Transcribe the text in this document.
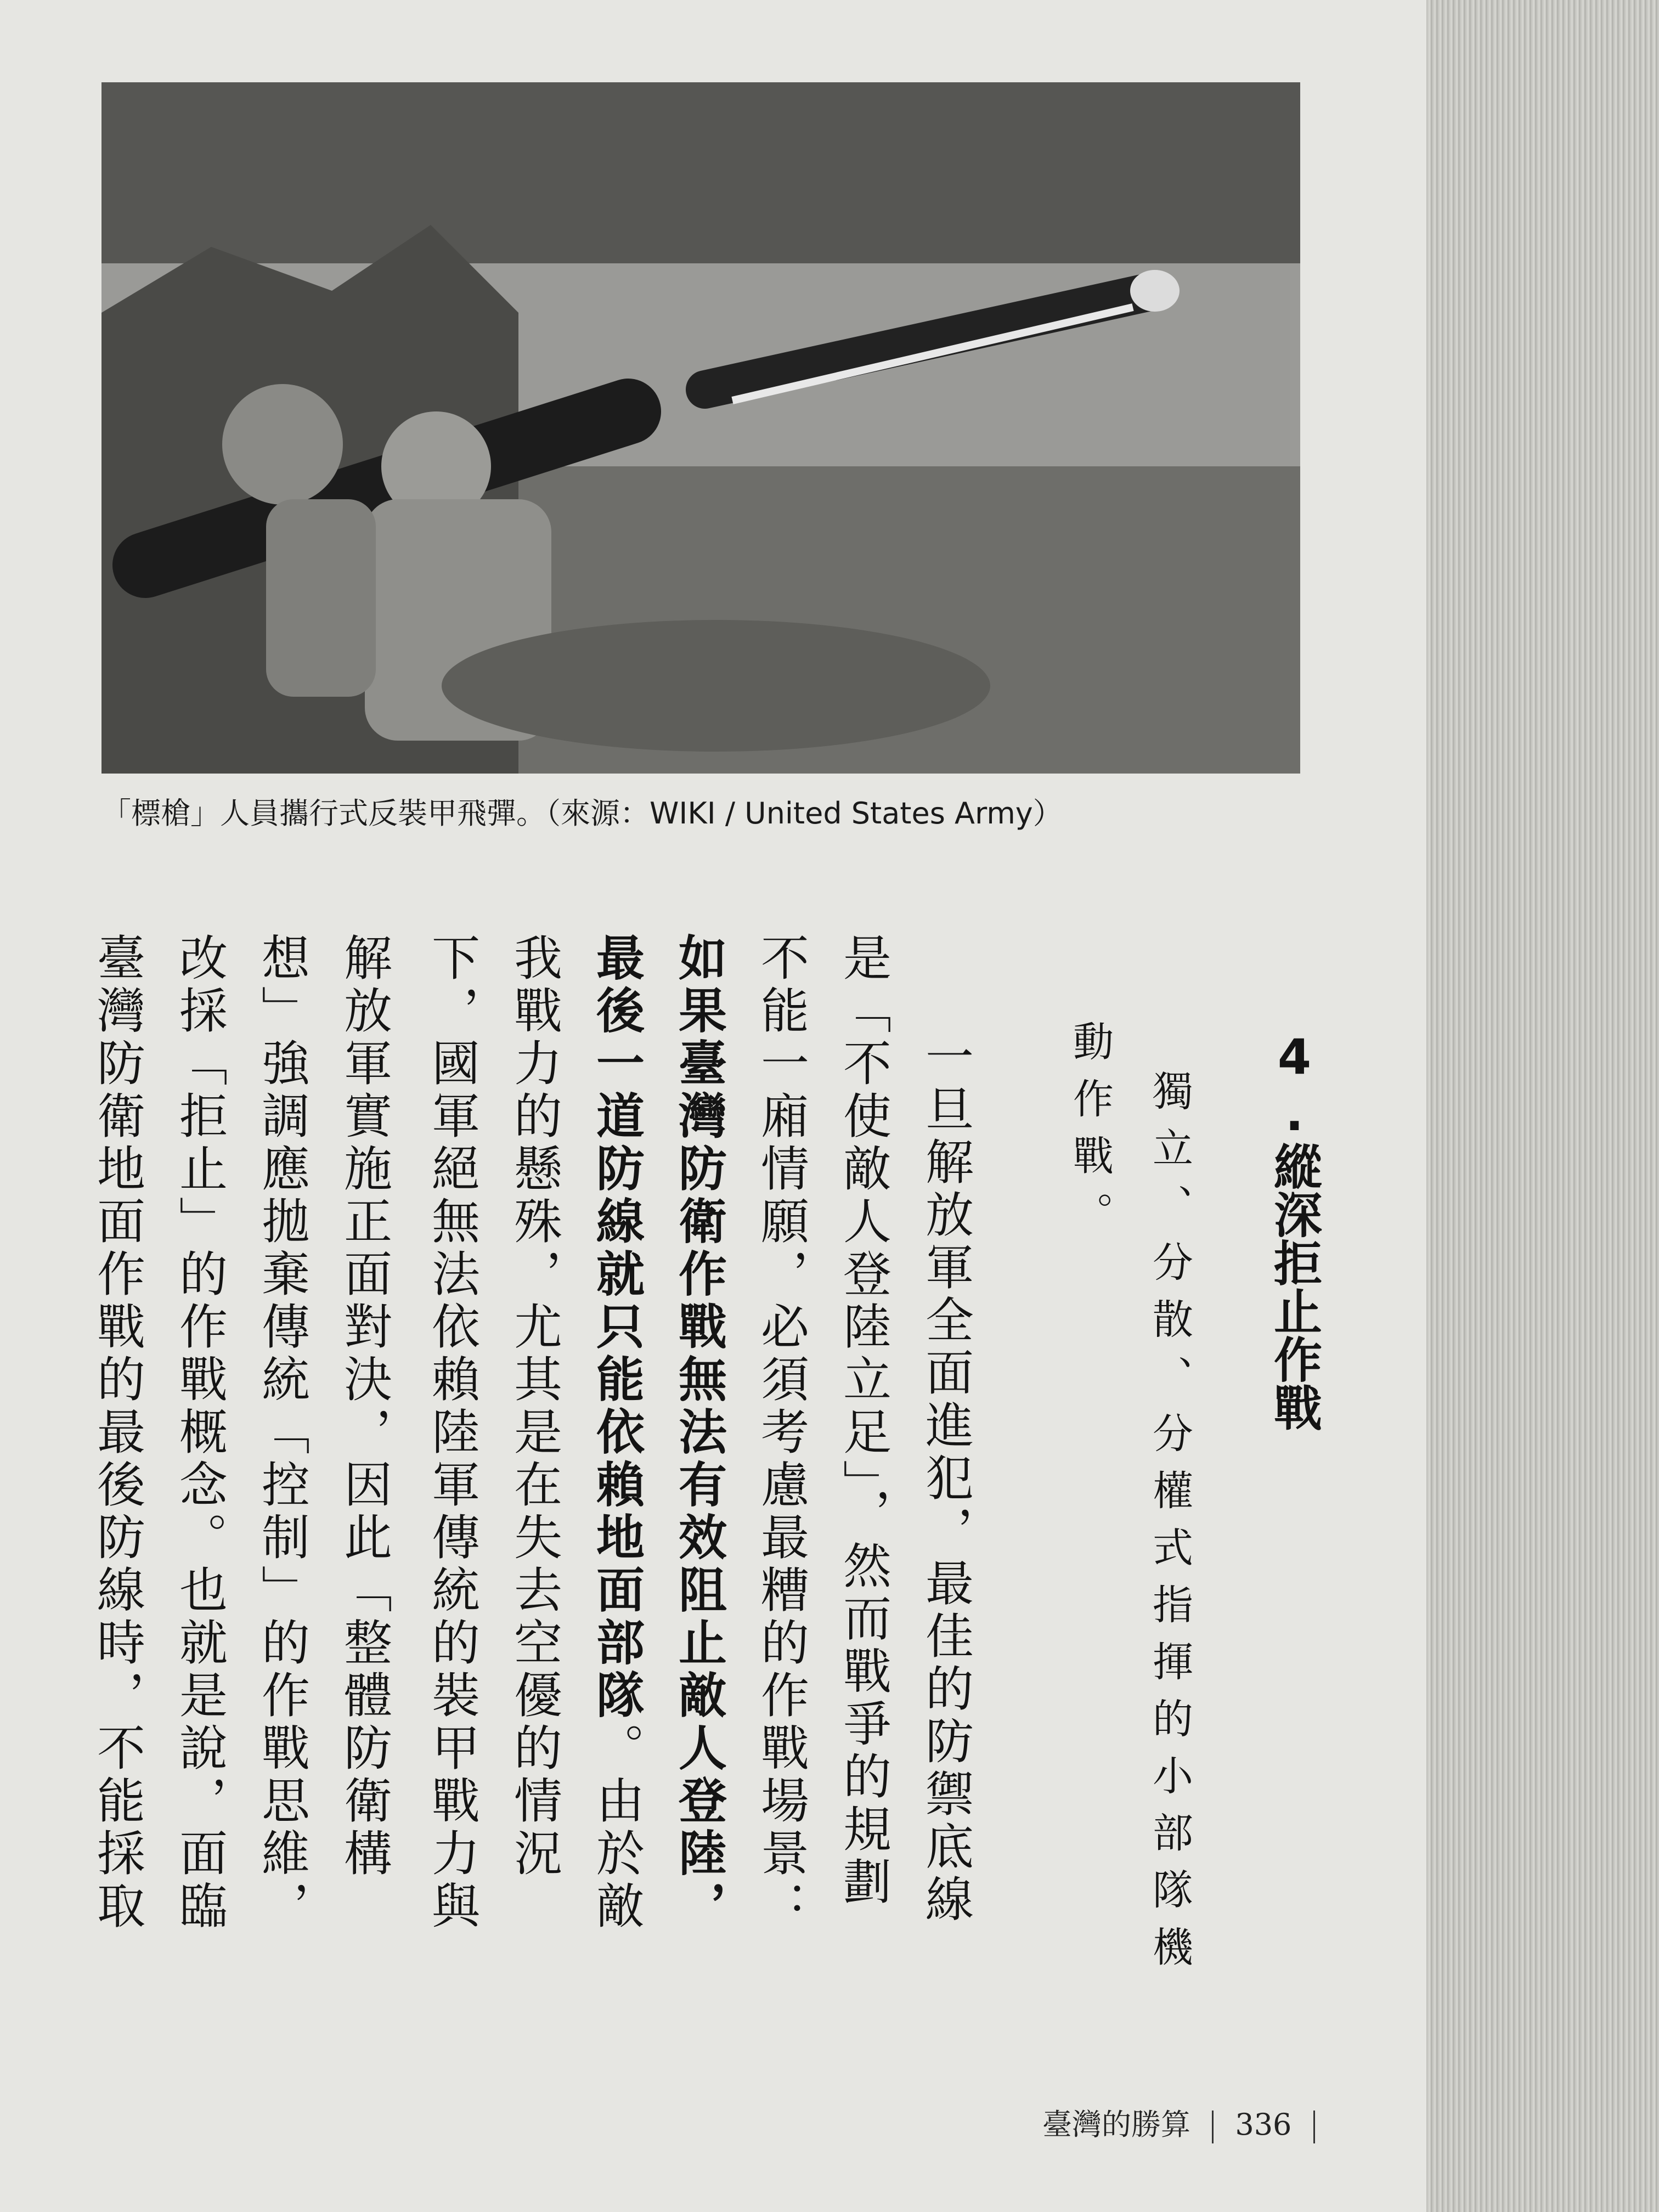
「標槍」人員攜行式反裝甲飛彈。（來源：WIKI / United States Army）
4.縱深拒止作戰
獨立、分散、分權式指揮的小部隊機
動作戰。
一旦解放軍全面進犯，最佳的防禦底線
是「不使敵人登陸立足」，然而戰爭的規劃
不能一廂情願，必須考慮最糟的作戰場景：
如果臺灣防衛作戰無法有效阻止敵人登陸，
最後一道防線就只能依賴地面部隊。由於敵
我戰力的懸殊，尤其是在失去空優的情況
下，國軍絕無法依賴陸軍傳統的裝甲戰力與
解放軍實施正面對決，因此「整體防衛構
想」強調應拋棄傳統「控制」的作戰思維，
改採「拒止」的作戰概念。也就是說，面臨
臺灣防衛地面作戰的最後防線時，不能採取
臺灣的勝算 336
